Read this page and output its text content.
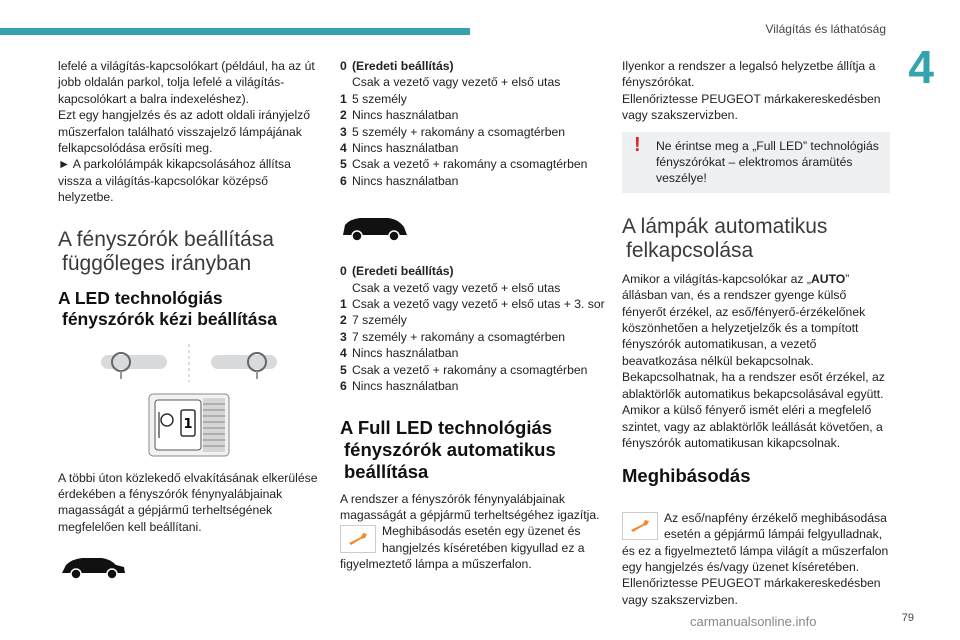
Világítás és láthatóság
4
79

lefelé a világítás-kapcsolókart (például, ha az út jobb oldalán parkol, tolja lefelé a világítás-kapcsolókart a balra indexeléshez).
Ezt egy hangjelzés és az adott oldali irányjelző műszerfalon található visszajelző lámpájának felkapcsolódása erősíti meg.
► A parkolólámpák kikapcsolásához állítsa vissza a világítás-kapcsolókar középső helyzetbe.

A fényszórók beállítása
függőleges irányban
A LED technológiás
fényszórók kézi beállítása
1

A többi úton közlekedő elvakításának elkerülése érdekében a fényszórók fénynyalábjainak magasságát a gépjármű terheltségének megfelelően kell beállítani.

0 (Eredeti beállítás)
Csak a vezető vagy vezető + első utas
1 5 személy
2 Nincs használatban
3 5 személy + rakomány a csomagtérben
4 Nincs használatban
5 Csak a vezető + rakomány a csomagtérben
6 Nincs használatban
0 (Eredeti beállítás)
Csak a vezető vagy vezető + első utas
1 Csak a vezető vagy vezető + első utas + 3. sor
2 7 személy
3 7 személy + rakomány a csomagtérben
4 Nincs használatban
5 Csak a vezető + rakomány a csomagtérben
6 Nincs használatban
A Full LED technológiás
fényszórók automatikus
beállítása

A rendszer a fényszórók fénynyalábjainak magasságát a gépjármű terheltségéhez igazítja.

Meghibásodás esetén egy üzenet és hangjelzés kíséretében kigyullad ez a figyelmeztető lámpa a műszerfalon.

Ilyenkor a rendszer a legalsó helyzetbe állítja a fényszórókat.
Ellenőriztesse PEUGEOT márkakereskedésben vagy szakszervizben.

!	Ne érintse meg a „Full LED” technológiás fényszórókat – elektromos áramütés veszélye!
A lámpák automatikus
felkapcsolása

Amikor a világítás-kapcsolókar az „AUTO” állásban van, és a rendszer gyenge külső fényerőt érzékel, az eső/fényerő-érzékelőnek köszönhetően a helyzetjelzők és a tompított fényszórók automatikusan, a vezető beavatkozása nélkül bekapcsolnak.
Bekapcsolhatnak, ha a rendszer esőt érzékel, az ablaktörlők automatikus bekapcsolásával együtt.
Amikor a külső fényerő ismét eléri a megfelelő szintet, vagy az ablaktörlők leállását követően, a fényszórók automatikusan kikapcsolnak.

Meghibásodás

Az eső/napfény érzékelő meghibásodása esetén a gépjármű lámpái felgyulladnak, és ez a figyelmeztető lámpa világít a műszerfalon egy hangjelzés és/vagy üzenet kíséretében.
Ellenőriztesse PEUGEOT márkakereskedésben vagy szakszervizben.

carmanualsonline.info
